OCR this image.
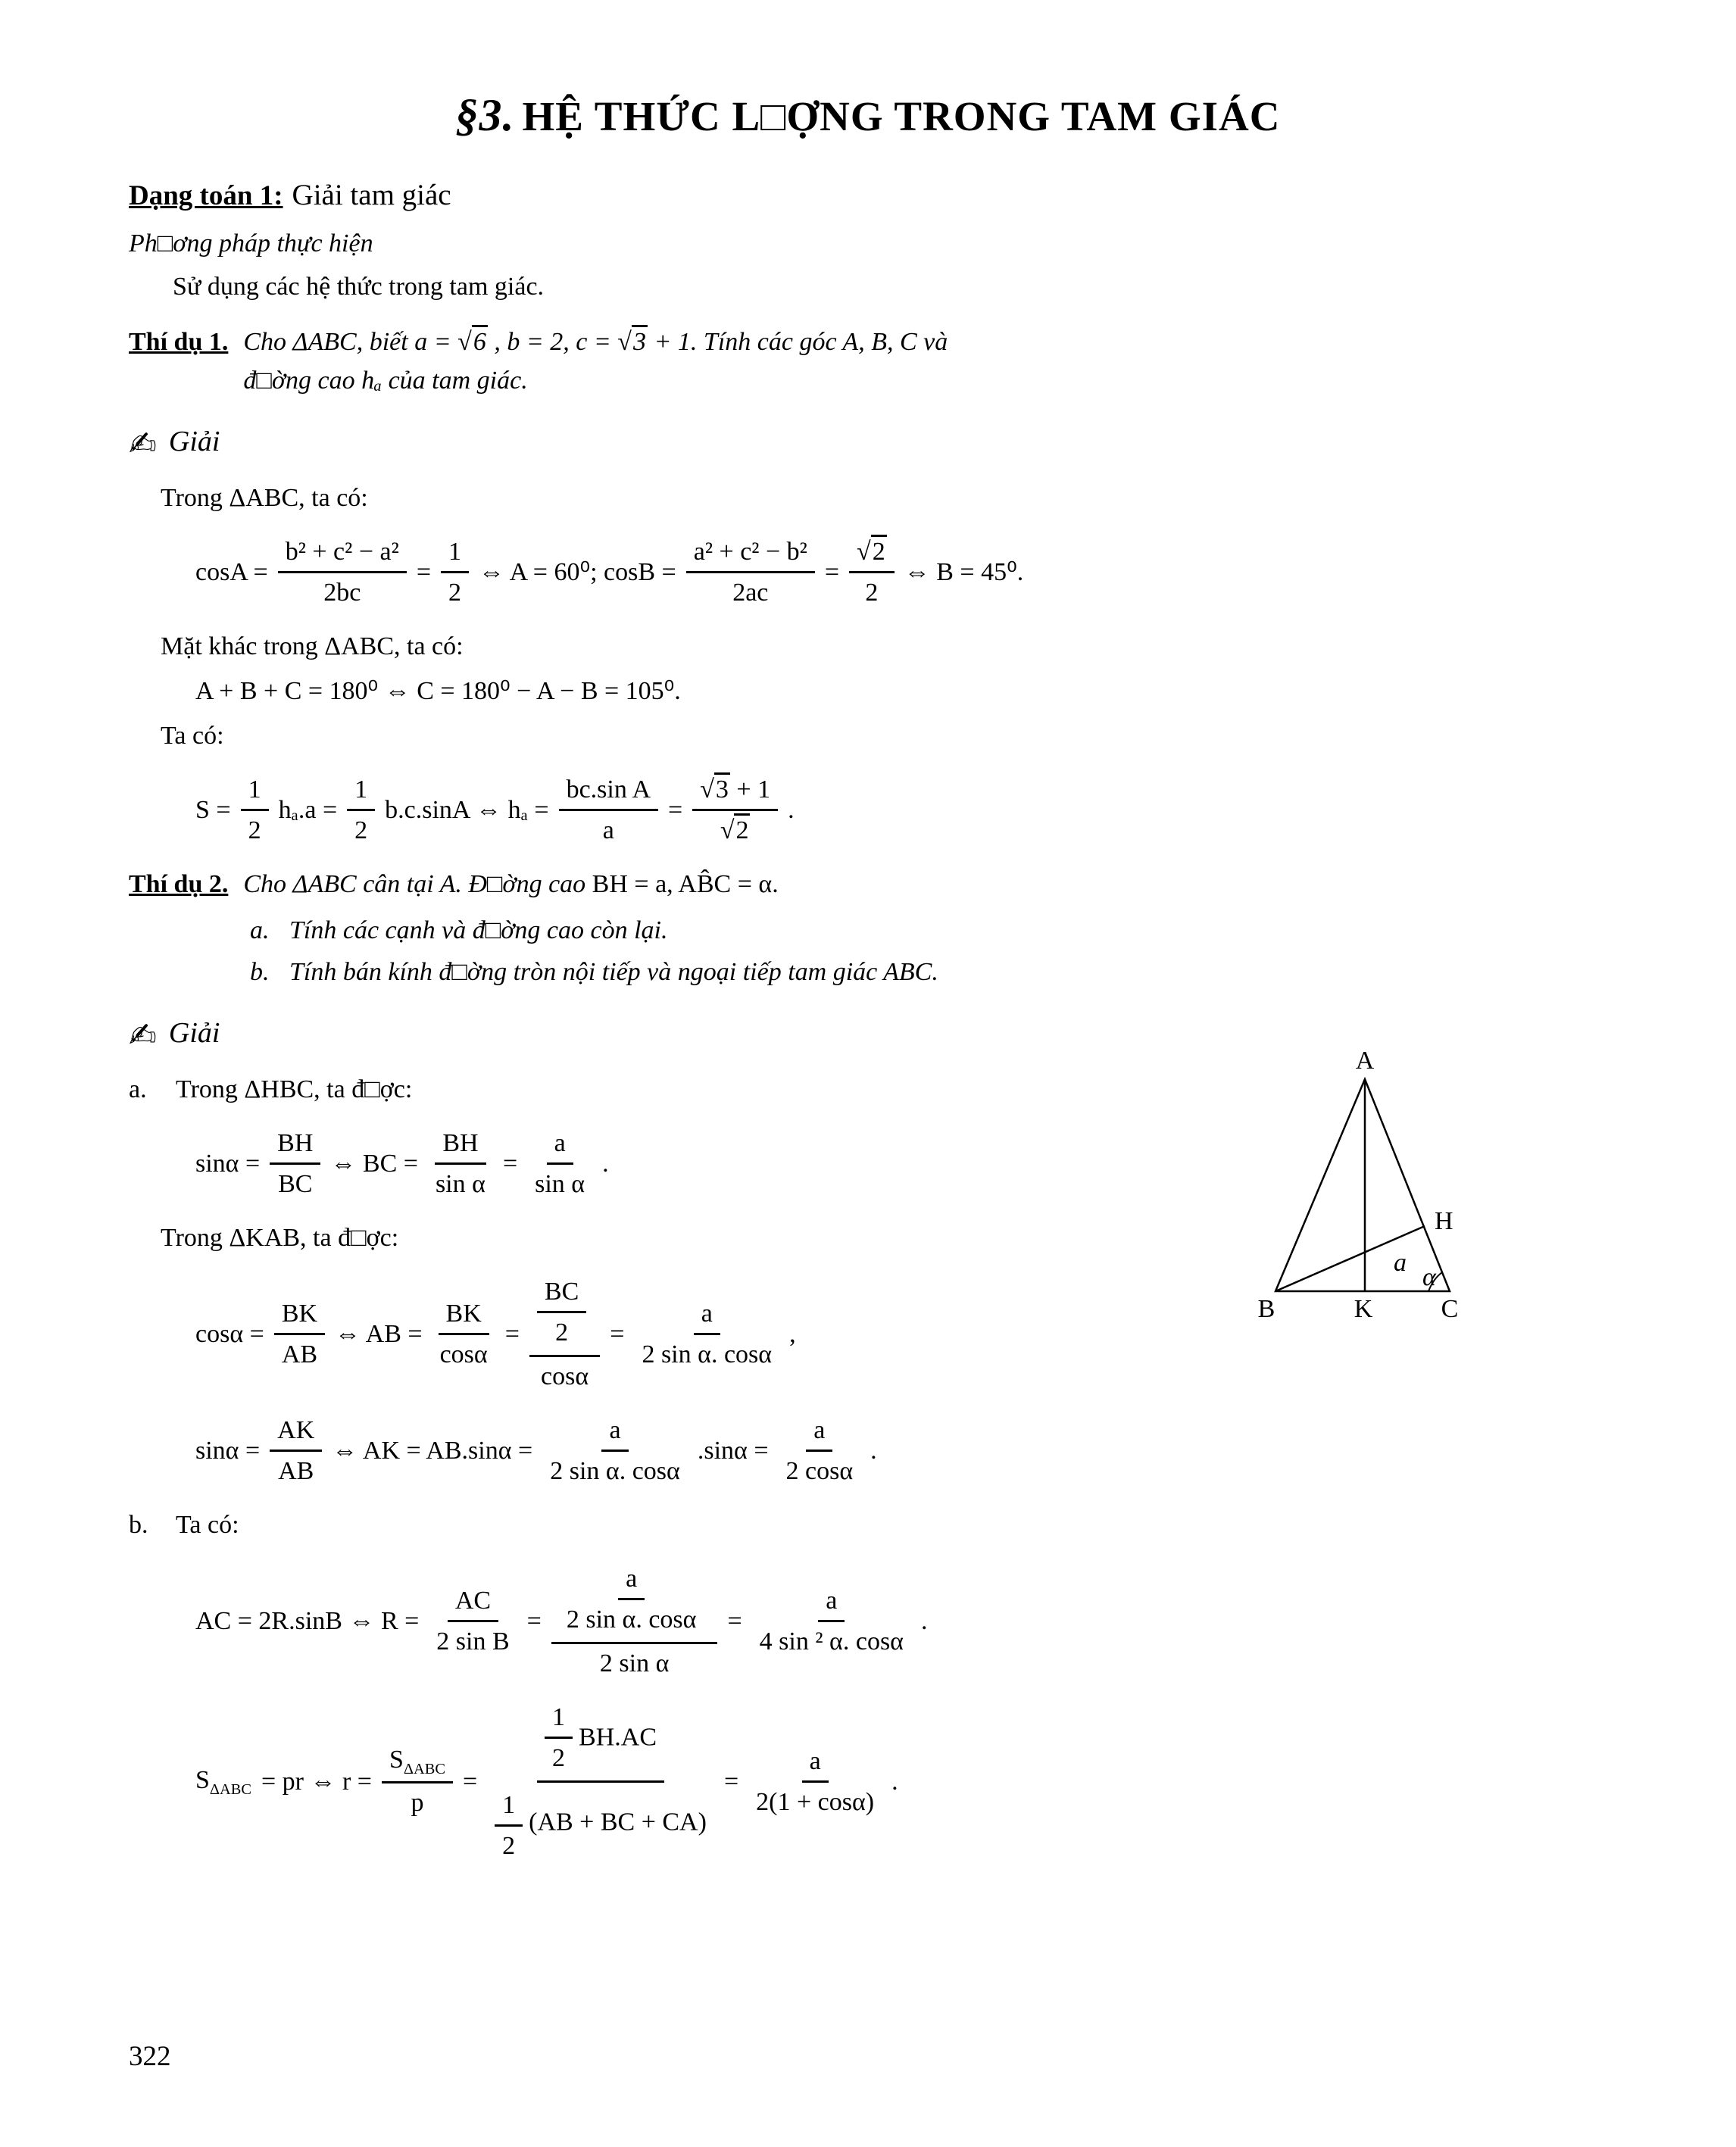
§3. HỆ THỨC L□ỢNG TRONG TAM GIÁC
Dạng toán 1: Giải tam giác
Ph□ơng pháp thực hiện
Sử dụng các hệ thức trong tam giác.
Thí dụ 1. Cho ΔABC, biết a = √ 6 , b = 2, c = √ 3 + 1. Tính các góc A, B, C và
đ□ờng cao hₐ của tam giác.
✍ Giải
Trong ΔABC, ta có:
$\cos A = \frac{\text{b² + c² − a²}}{2bc} = \frac{1}{2}$ ⇔ A = 60⁰; $\cos B = \frac{\text{a² + c² − b²}}{2ac}$ = √ $\frac{2}{2}$ ⇔ B = 45⁰.
Mặt khác trong ΔABC, ta có:
A + B + C = 180⁰ ⇔ C = 180⁰ − A − B = 105⁰.
Ta có:
$S = \frac{1}{2} h_a.a = \frac{1}{2} b.c.\sin A$ ⇔ $h_a = \frac{\text{bc.sin A}}{a}$ = √ 3 + 1
√ 2 .
Thí dụ 2. Cho ΔABC cân tại A. Đ□ờng cao BH = a, AB̂C = α.
a. Tính các cạnh và đ□ờng cao còn lại.
b. Tính bán kính đ□ờng tròn nội tiếp và ngoại tiếp tam giác ABC.
✍ Giải
A
B	C
K
H
a
α
a.	Trong ΔHBC, ta đ□ợc:
$\sin\alpha = \frac{BH}{BC}$ ⇔ BC = $\frac{BH}{\text{sin α}} = \frac{a}{\text{sin α}}$ .
Trong ΔKAB, ta đ□ợc:
$\cos\alpha = \frac{BK}{AB}$ ⇔ AB = $\frac{BK}{\cos\alpha} = \frac{\frac{BC}{2}}{\cos\alpha} = \frac{a}{\text{2 sin α. cosα}}$ ,
$\sin\alpha = \frac{AK}{AB}$ ⇔ AK = $AB.\sin\alpha = \frac{a}{\text{2 sin α. cosα}} .\sin\alpha = \frac{a}{2 \cos\alpha}$ .
b.	Ta có:
AC = 2R.sinB ⇔ $R = \frac{AC}{\text{2 sin B}} = \frac{\frac{a}{\text{2 sin α. cosα}}}{\text{2 sin α}} = \frac{a}{\text{4 sin ² α. cosα}}$ .
$S_{\Delta ABC}$ = pr ⇔ $r = \frac{S_{\Delta ABC}}{p} = \frac{\frac{1}{2} BH.AC}{\frac{1}{2} (AB + BC + CA)} = \frac{a}{2(1 + \cos\alpha)}$ .
322
